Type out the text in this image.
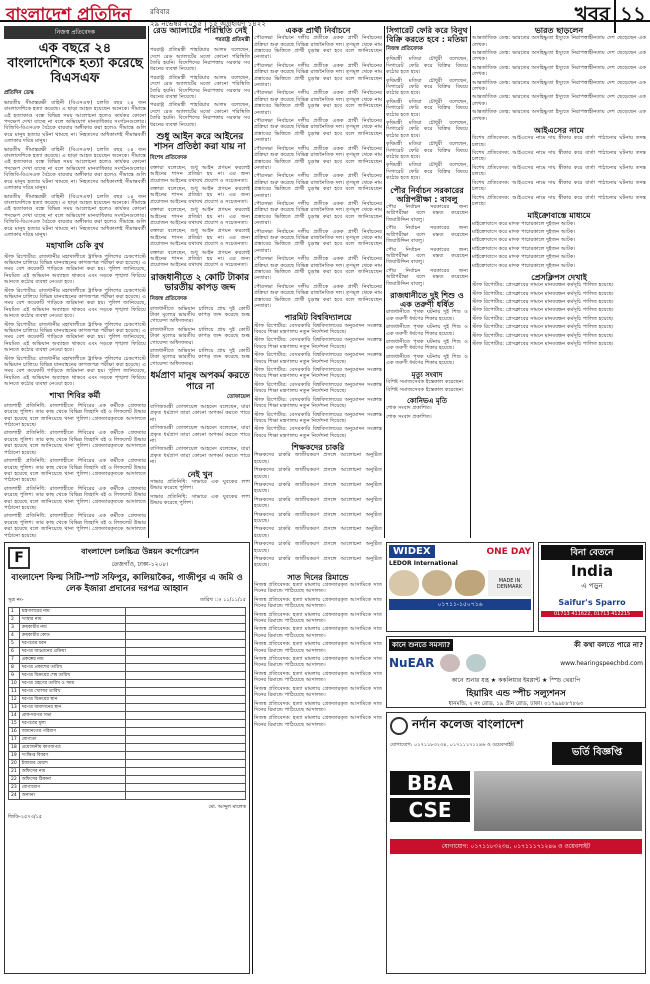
বাংলাদেশ প্রতিদিন	রবিবার
২৯ নভেম্বর ২০১৫ | ১৫ অগ্রহায়ণ ১৪২২	খবর ১১
নিজস্ব প্রতিবেদক
এক বছরে ২৪ বাংলাদেশিকে হত্যা করেছে বিএসএফ
প্রতিদিন ডেস্ক

ভারতীয় সীমান্তরক্ষী বাহিনী (বিএসএফ) চলতি বছর ২৪ জন বাংলাদেশিকে হত্যা করেছে। এ ছাড়া আহত হয়েছেন অনেকে। সীমান্তে এই হত্যাকাণ্ড বন্ধে বিভিন্ন সময় আলোচনা হলেও কার্যকর কোনো পদক্ষেপ দেখা যাচ্ছে না বলে অভিযোগ মানবাধিকার সংগঠনগুলোর। বিজিবি-বিএসএফ বৈঠকে বারবার অঙ্গীকার করা হলেও সীমান্তে গুলি করে মানুষ হত্যার ঘটনা থামছে না। নিহতদের অধিকাংশই সীমান্তবর্তী এলাকার দরিদ্র মানুষ।

ভারতীয় সীমান্তরক্ষী বাহিনী (বিএসএফ) চলতি বছর ২৪ জন বাংলাদেশিকে হত্যা করেছে। এ ছাড়া আহত হয়েছেন অনেকে। সীমান্তে এই হত্যাকাণ্ড বন্ধে বিভিন্ন সময় আলোচনা হলেও কার্যকর কোনো পদক্ষেপ দেখা যাচ্ছে না বলে অভিযোগ মানবাধিকার সংগঠনগুলোর। বিজিবি-বিএসএফ বৈঠকে বারবার অঙ্গীকার করা হলেও সীমান্তে গুলি করে মানুষ হত্যার ঘটনা থামছে না। নিহতদের অধিকাংশই সীমান্তবর্তী এলাকার দরিদ্র মানুষ।

ভারতীয় সীমান্তরক্ষী বাহিনী (বিএসএফ) চলতি বছর ২৪ জন বাংলাদেশিকে হত্যা করেছে। এ ছাড়া আহত হয়েছেন অনেকে। সীমান্তে এই হত্যাকাণ্ড বন্ধে বিভিন্ন সময় আলোচনা হলেও কার্যকর কোনো পদক্ষেপ দেখা যাচ্ছে না বলে অভিযোগ মানবাধিকার সংগঠনগুলোর। বিজিবি-বিএসএফ বৈঠকে বারবার অঙ্গীকার করা হলেও সীমান্তে গুলি করে মানুষ হত্যার ঘটনা থামছে না। নিহতদের অধিকাংশই সীমান্তবর্তী এলাকার দরিদ্র মানুষ।

মহাখালি চেকি বুথ

স্টাফ রিপোর্টার: রাজধানীর মহাখালীতে ট্রাফিক পুলিশের চেকপোস্টে অভিযান চালিয়ে বিভিন্ন যানবাহনের কাগজপত্র পরীক্ষা করা হয়েছে। এ সময় বেশ কয়েকটি গাড়িকে জরিমানা করা হয়। পুলিশ জানিয়েছে, নিয়মিত এই অভিযান অব্যাহত থাকবে এবং সড়কে শৃঙ্খলা ফিরিয়ে আনতে কঠোর ব্যবস্থা নেওয়া হবে।

স্টাফ রিপোর্টার: রাজধানীর মহাখালীতে ট্রাফিক পুলিশের চেকপোস্টে অভিযান চালিয়ে বিভিন্ন যানবাহনের কাগজপত্র পরীক্ষা করা হয়েছে। এ সময় বেশ কয়েকটি গাড়িকে জরিমানা করা হয়। পুলিশ জানিয়েছে, নিয়মিত এই অভিযান অব্যাহত থাকবে এবং সড়কে শৃঙ্খলা ফিরিয়ে আনতে কঠোর ব্যবস্থা নেওয়া হবে।

স্টাফ রিপোর্টার: রাজধানীর মহাখালীতে ট্রাফিক পুলিশের চেকপোস্টে অভিযান চালিয়ে বিভিন্ন যানবাহনের কাগজপত্র পরীক্ষা করা হয়েছে। এ সময় বেশ কয়েকটি গাড়িকে জরিমানা করা হয়। পুলিশ জানিয়েছে, নিয়মিত এই অভিযান অব্যাহত থাকবে এবং সড়কে শৃঙ্খলা ফিরিয়ে আনতে কঠোর ব্যবস্থা নেওয়া হবে।

স্টাফ রিপোর্টার: রাজধানীর মহাখালীতে ট্রাফিক পুলিশের চেকপোস্টে অভিযান চালিয়ে বিভিন্ন যানবাহনের কাগজপত্র পরীক্ষা করা হয়েছে। এ সময় বেশ কয়েকটি গাড়িকে জরিমানা করা হয়। পুলিশ জানিয়েছে, নিয়মিত এই অভিযান অব্যাহত থাকবে এবং সড়কে শৃঙ্খলা ফিরিয়ে আনতে কঠোর ব্যবস্থা নেওয়া হবে।

শাখা শিবির কর্মী

রাজশাহী প্রতিনিধি: রাজশাহীতে শিবিরের এক কর্মীকে গ্রেফতার করেছে পুলিশ। তার কাছ থেকে বিভিন্ন জিহাদি বই ও লিফলেট উদ্ধার করা হয়েছে বলে জানিয়েছে থানা পুলিশ। গ্রেফতারকৃতকে আদালতে পাঠানো হয়েছে।

রাজশাহী প্রতিনিধি: রাজশাহীতে শিবিরের এক কর্মীকে গ্রেফতার করেছে পুলিশ। তার কাছ থেকে বিভিন্ন জিহাদি বই ও লিফলেট উদ্ধার করা হয়েছে বলে জানিয়েছে থানা পুলিশ। গ্রেফতারকৃতকে আদালতে পাঠানো হয়েছে।

রাজশাহী প্রতিনিধি: রাজশাহীতে শিবিরের এক কর্মীকে গ্রেফতার করেছে পুলিশ। তার কাছ থেকে বিভিন্ন জিহাদি বই ও লিফলেট উদ্ধার করা হয়েছে বলে জানিয়েছে থানা পুলিশ। গ্রেফতারকৃতকে আদালতে পাঠানো হয়েছে।

রাজশাহী প্রতিনিধি: রাজশাহীতে শিবিরের এক কর্মীকে গ্রেফতার করেছে পুলিশ। তার কাছ থেকে বিভিন্ন জিহাদি বই ও লিফলেট উদ্ধার করা হয়েছে বলে জানিয়েছে থানা পুলিশ। গ্রেফতারকৃতকে আদালতে পাঠানো হয়েছে।

রাজশাহী প্রতিনিধি: রাজশাহীতে শিবিরের এক কর্মীকে গ্রেফতার করেছে পুলিশ। তার কাছ থেকে বিভিন্ন জিহাদি বই ও লিফলেট উদ্ধার করা হয়েছে বলে জানিয়েছে থানা পুলিশ। গ্রেফতারকৃতকে আদালতে পাঠানো হয়েছে।

রেড অ্যালার্টের পরিস্থিতি নেই
পররাষ্ট্র প্রতিমন্ত্রী

পররাষ্ট্র প্রতিমন্ত্রী শাহরিয়ার আলম বলেছেন, দেশে রেড অ্যালার্টের মতো কোনো পরিস্থিতি তৈরি হয়নি। বিদেশিদের নিরাপত্তায় সরকার সব ধরনের ব্যবস্থা নিয়েছে।

পররাষ্ট্র প্রতিমন্ত্রী শাহরিয়ার আলম বলেছেন, দেশে রেড অ্যালার্টের মতো কোনো পরিস্থিতি তৈরি হয়নি। বিদেশিদের নিরাপত্তায় সরকার সব ধরনের ব্যবস্থা নিয়েছে।

পররাষ্ট্র প্রতিমন্ত্রী শাহরিয়ার আলম বলেছেন, দেশে রেড অ্যালার্টের মতো কোনো পরিস্থিতি তৈরি হয়নি। বিদেশিদের নিরাপত্তায় সরকার সব ধরনের ব্যবস্থা নিয়েছে।

শুধু আইন করে আইনের শাসন প্রতিষ্ঠা করা যায় না
বিশেষ প্রতিবেদক

বক্তারা বলেছেন, শুধু আইন প্রণয়ন করলেই আইনের শাসন প্রতিষ্ঠা হয় না। এর জন্য প্রয়োজন আইনের যথাযথ প্রয়োগ ও সচেতনতা।

বক্তারা বলেছেন, শুধু আইন প্রণয়ন করলেই আইনের শাসন প্রতিষ্ঠা হয় না। এর জন্য প্রয়োজন আইনের যথাযথ প্রয়োগ ও সচেতনতা।

বক্তারা বলেছেন, শুধু আইন প্রণয়ন করলেই আইনের শাসন প্রতিষ্ঠা হয় না। এর জন্য প্রয়োজন আইনের যথাযথ প্রয়োগ ও সচেতনতা।

বক্তারা বলেছেন, শুধু আইন প্রণয়ন করলেই আইনের শাসন প্রতিষ্ঠা হয় না। এর জন্য প্রয়োজন আইনের যথাযথ প্রয়োগ ও সচেতনতা।

বক্তারা বলেছেন, শুধু আইন প্রণয়ন করলেই আইনের শাসন প্রতিষ্ঠা হয় না। এর জন্য প্রয়োজন আইনের যথাযথ প্রয়োগ ও সচেতনতা।

রাজধানীতে ২ কোটি টাকার ভারতীয় কাপড় জব্দ
নিজস্ব প্রতিবেদক

রাজধানীতে অভিযান চালিয়ে প্রায় দুই কোটি টাকা মূল্যের ভারতীয় কাপড় জব্দ করেছে শুল্ক গোয়েন্দা অধিদফতর।

রাজধানীতে অভিযান চালিয়ে প্রায় দুই কোটি টাকা মূল্যের ভারতীয় কাপড় জব্দ করেছে শুল্ক গোয়েন্দা অধিদফতর।

রাজধানীতে অভিযান চালিয়ে প্রায় দুই কোটি টাকা মূল্যের ভারতীয় কাপড় জব্দ করেছে শুল্ক গোয়েন্দা অধিদফতর।

ধর্মপ্রাণ মানুষ অপকর্ম করতে পারে না
তোফায়েল

বাণিজ্যমন্ত্রী তোফায়েল আহমেদ বলেছেন, যারা প্রকৃত ধর্মপ্রাণ তারা কোনো অপকর্ম করতে পারে না।

বাণিজ্যমন্ত্রী তোফায়েল আহমেদ বলেছেন, যারা প্রকৃত ধর্মপ্রাণ তারা কোনো অপকর্ম করতে পারে না।

বাণিজ্যমন্ত্রী তোফায়েল আহমেদ বলেছেন, যারা প্রকৃত ধর্মপ্রাণ তারা কোনো অপকর্ম করতে পারে না।

নেই খুন

সাভার প্রতিনিধি: সাভারে এক যুবকের লাশ উদ্ধার করেছে পুলিশ।

সাভার প্রতিনিধি: সাভারে এক যুবকের লাশ উদ্ধার করেছে পুলিশ।

একক প্রার্থী নির্বাচনে

পৌরসভা নির্বাচনে দলীয় প্রতীকে একক প্রার্থী নির্বাচনের প্রক্রিয়া শুরু করেছে বিভিন্ন রাজনৈতিক দল। তৃণমূল থেকে নাম প্রস্তাবের ভিত্তিতে প্রার্থী চূড়ান্ত করা হবে বলে জানিয়েছেন নেতারা।

পৌরসভা নির্বাচনে দলীয় প্রতীকে একক প্রার্থী নির্বাচনের প্রক্রিয়া শুরু করেছে বিভিন্ন রাজনৈতিক দল। তৃণমূল থেকে নাম প্রস্তাবের ভিত্তিতে প্রার্থী চূড়ান্ত করা হবে বলে জানিয়েছেন নেতারা।

পৌরসভা নির্বাচনে দলীয় প্রতীকে একক প্রার্থী নির্বাচনের প্রক্রিয়া শুরু করেছে বিভিন্ন রাজনৈতিক দল। তৃণমূল থেকে নাম প্রস্তাবের ভিত্তিতে প্রার্থী চূড়ান্ত করা হবে বলে জানিয়েছেন নেতারা।

পৌরসভা নির্বাচনে দলীয় প্রতীকে একক প্রার্থী নির্বাচনের প্রক্রিয়া শুরু করেছে বিভিন্ন রাজনৈতিক দল। তৃণমূল থেকে নাম প্রস্তাবের ভিত্তিতে প্রার্থী চূড়ান্ত করা হবে বলে জানিয়েছেন নেতারা।

পৌরসভা নির্বাচনে দলীয় প্রতীকে একক প্রার্থী নির্বাচনের প্রক্রিয়া শুরু করেছে বিভিন্ন রাজনৈতিক দল। তৃণমূল থেকে নাম প্রস্তাবের ভিত্তিতে প্রার্থী চূড়ান্ত করা হবে বলে জানিয়েছেন নেতারা।

পৌরসভা নির্বাচনে দলীয় প্রতীকে একক প্রার্থী নির্বাচনের প্রক্রিয়া শুরু করেছে বিভিন্ন রাজনৈতিক দল। তৃণমূল থেকে নাম প্রস্তাবের ভিত্তিতে প্রার্থী চূড়ান্ত করা হবে বলে জানিয়েছেন নেতারা।

পৌরসভা নির্বাচনে দলীয় প্রতীকে একক প্রার্থী নির্বাচনের প্রক্রিয়া শুরু করেছে বিভিন্ন রাজনৈতিক দল। তৃণমূল থেকে নাম প্রস্তাবের ভিত্তিতে প্রার্থী চূড়ান্ত করা হবে বলে জানিয়েছেন নেতারা।

পৌরসভা নির্বাচনে দলীয় প্রতীকে একক প্রার্থী নির্বাচনের প্রক্রিয়া শুরু করেছে বিভিন্ন রাজনৈতিক দল। তৃণমূল থেকে নাম প্রস্তাবের ভিত্তিতে প্রার্থী চূড়ান্ত করা হবে বলে জানিয়েছেন নেতারা।

পৌরসভা নির্বাচনে দলীয় প্রতীকে একক প্রার্থী নির্বাচনের প্রক্রিয়া শুরু করেছে বিভিন্ন রাজনৈতিক দল। তৃণমূল থেকে নাম প্রস্তাবের ভিত্তিতে প্রার্থী চূড়ান্ত করা হবে বলে জানিয়েছেন নেতারা।

পৌরসভা নির্বাচনে দলীয় প্রতীকে একক প্রার্থী নির্বাচনের প্রক্রিয়া শুরু করেছে বিভিন্ন রাজনৈতিক দল। তৃণমূল থেকে নাম প্রস্তাবের ভিত্তিতে প্রার্থী চূড়ান্ত করা হবে বলে জানিয়েছেন নেতারা।

পারমিট বিশ্ববিদ্যালয়ে

স্টাফ রিপোর্টার: বেসরকারি বিশ্ববিদ্যালয়ের অনুমোদন সংক্রান্ত বিষয়ে শিক্ষা মন্ত্রণালয় নতুন নির্দেশনা দিয়েছে।

স্টাফ রিপোর্টার: বেসরকারি বিশ্ববিদ্যালয়ের অনুমোদন সংক্রান্ত বিষয়ে শিক্ষা মন্ত্রণালয় নতুন নির্দেশনা দিয়েছে।

স্টাফ রিপোর্টার: বেসরকারি বিশ্ববিদ্যালয়ের অনুমোদন সংক্রান্ত বিষয়ে শিক্ষা মন্ত্রণালয় নতুন নির্দেশনা দিয়েছে।

স্টাফ রিপোর্টার: বেসরকারি বিশ্ববিদ্যালয়ের অনুমোদন সংক্রান্ত বিষয়ে শিক্ষা মন্ত্রণালয় নতুন নির্দেশনা দিয়েছে।

স্টাফ রিপোর্টার: বেসরকারি বিশ্ববিদ্যালয়ের অনুমোদন সংক্রান্ত বিষয়ে শিক্ষা মন্ত্রণালয় নতুন নির্দেশনা দিয়েছে।

স্টাফ রিপোর্টার: বেসরকারি বিশ্ববিদ্যালয়ের অনুমোদন সংক্রান্ত বিষয়ে শিক্ষা মন্ত্রণালয় নতুন নির্দেশনা দিয়েছে।

স্টাফ রিপোর্টার: বেসরকারি বিশ্ববিদ্যালয়ের অনুমোদন সংক্রান্ত বিষয়ে শিক্ষা মন্ত্রণালয় নতুন নির্দেশনা দিয়েছে।

স্টাফ রিপোর্টার: বেসরকারি বিশ্ববিদ্যালয়ের অনুমোদন সংক্রান্ত বিষয়ে শিক্ষা মন্ত্রণালয় নতুন নির্দেশনা দিয়েছে।

শিক্ষকদের চাকরি

শিক্ষকদের চাকরি জাতীয়করণ প্রসঙ্গে আলোচনা অনুষ্ঠিত হয়েছে।

শিক্ষকদের চাকরি জাতীয়করণ প্রসঙ্গে আলোচনা অনুষ্ঠিত হয়েছে।

শিক্ষকদের চাকরি জাতীয়করণ প্রসঙ্গে আলোচনা অনুষ্ঠিত হয়েছে।

শিক্ষকদের চাকরি জাতীয়করণ প্রসঙ্গে আলোচনা অনুষ্ঠিত হয়েছে।

শিক্ষকদের চাকরি জাতীয়করণ প্রসঙ্গে আলোচনা অনুষ্ঠিত হয়েছে।

শিক্ষকদের চাকরি জাতীয়করণ প্রসঙ্গে আলোচনা অনুষ্ঠিত হয়েছে।

শিক্ষকদের চাকরি জাতীয়করণ প্রসঙ্গে আলোচনা অনুষ্ঠিত হয়েছে।

শিক্ষকদের চাকরি জাতীয়করণ প্রসঙ্গে আলোচনা অনুষ্ঠিত হয়েছে।

সাত দিনের রিমান্ডে

নিজস্ব প্রতিবেদক: হত্যা মামলায় গ্রেফতারকৃত আসামিকে সাত দিনের রিমান্ডে পাঠিয়েছে আদালত।

নিজস্ব প্রতিবেদক: হত্যা মামলায় গ্রেফতারকৃত আসামিকে সাত দিনের রিমান্ডে পাঠিয়েছে আদালত।

নিজস্ব প্রতিবেদক: হত্যা মামলায় গ্রেফতারকৃত আসামিকে সাত দিনের রিমান্ডে পাঠিয়েছে আদালত।

নিজস্ব প্রতিবেদক: হত্যা মামলায় গ্রেফতারকৃত আসামিকে সাত দিনের রিমান্ডে পাঠিয়েছে আদালত।

নিজস্ব প্রতিবেদক: হত্যা মামলায় গ্রেফতারকৃত আসামিকে সাত দিনের রিমান্ডে পাঠিয়েছে আদালত।

নিজস্ব প্রতিবেদক: হত্যা মামলায় গ্রেফতারকৃত আসামিকে সাত দিনের রিমান্ডে পাঠিয়েছে আদালত।

নিজস্ব প্রতিবেদক: হত্যা মামলায় গ্রেফতারকৃত আসামিকে সাত দিনের রিমান্ডে পাঠিয়েছে আদালত।

নিজস্ব প্রতিবেদক: হত্যা মামলায় গ্রেফতারকৃত আসামিকে সাত দিনের রিমান্ডে পাঠিয়েছে আদালত।

নিজস্ব প্রতিবেদক: হত্যা মামলায় গ্রেফতারকৃত আসামিকে সাত দিনের রিমান্ডে পাঠিয়েছে আদালত।

নিজস্ব প্রতিবেদক: হত্যা মামলায় গ্রেফতারকৃত আসামিকে সাত দিনের রিমান্ডে পাঠিয়েছে আদালত।

সিগারেট ফেরি করে বিনুথ বিক্রি করতে হবে : মতিয়া
নিজস্ব প্রতিবেদক

কৃষিমন্ত্রী মতিয়া চৌধুরী বলেছেন, সিগারেট ফেরি করে বিক্রির বিষয়ে কঠোর হতে হবে।

কৃষিমন্ত্রী মতিয়া চৌধুরী বলেছেন, সিগারেট ফেরি করে বিক্রির বিষয়ে কঠোর হতে হবে।

কৃষিমন্ত্রী মতিয়া চৌধুরী বলেছেন, সিগারেট ফেরি করে বিক্রির বিষয়ে কঠোর হতে হবে।

কৃষিমন্ত্রী মতিয়া চৌধুরী বলেছেন, সিগারেট ফেরি করে বিক্রির বিষয়ে কঠোর হতে হবে।

কৃষিমন্ত্রী মতিয়া চৌধুরী বলেছেন, সিগারেট ফেরি করে বিক্রির বিষয়ে কঠোর হতে হবে।

কৃষিমন্ত্রী মতিয়া চৌধুরী বলেছেন, সিগারেট ফেরি করে বিক্রির বিষয়ে কঠোর হতে হবে।

পৌর নির্বাচন সরকারের অগ্নিপরীক্ষা : বাবলু

পৌর নির্বাচন সরকারের জন্য অগ্নিপরীক্ষা বলে মন্তব্য করেছেন জিয়াউদ্দিন বাবলু।

পৌর নির্বাচন সরকারের জন্য অগ্নিপরীক্ষা বলে মন্তব্য করেছেন জিয়াউদ্দিন বাবলু।

পৌর নির্বাচন সরকারের জন্য অগ্নিপরীক্ষা বলে মন্তব্য করেছেন জিয়াউদ্দিন বাবলু।

পৌর নির্বাচন সরকারের জন্য অগ্নিপরীক্ষা বলে মন্তব্য করেছেন জিয়াউদ্দিন বাবলু।

রাজধানীতে দুই শিশু ও এক তরুণী ধর্ষিত

রাজধানীতে পৃথক ঘটনায় দুই শিশু ও এক তরুণী ধর্ষণের শিকার হয়েছে।

রাজধানীতে পৃথক ঘটনায় দুই শিশু ও এক তরুণী ধর্ষণের শিকার হয়েছে।

রাজধানীতে পৃথক ঘটনায় দুই শিশু ও এক তরুণী ধর্ষণের শিকার হয়েছে।

রাজধানীতে পৃথক ঘটনায় দুই শিশু ও এক তরুণী ধর্ষণের শিকার হয়েছে।

মৃত্যু সংবাদ

বিশিষ্ট সমাজসেবক ইন্তেকাল করেছেন।

বিশিষ্ট সমাজসেবক ইন্তেকাল করেছেন।

কোনিভএ মৃতি

শোক সংবাদ প্রকাশিত।

শোক সংবাদ প্রকাশিত।

ভারত ছাড়লেন

আন্তর্জাতিক ডেস্ক: ভারতের অসহিষ্ণুতা ইস্যুতে নিরাপত্তাহীনতায় দেশ ছেড়েছেন এক লেখক।

আন্তর্জাতিক ডেস্ক: ভারতের অসহিষ্ণুতা ইস্যুতে নিরাপত্তাহীনতায় দেশ ছেড়েছেন এক লেখক।

আন্তর্জাতিক ডেস্ক: ভারতের অসহিষ্ণুতা ইস্যুতে নিরাপত্তাহীনতায় দেশ ছেড়েছেন এক লেখক।

আন্তর্জাতিক ডেস্ক: ভারতের অসহিষ্ণুতা ইস্যুতে নিরাপত্তাহীনতায় দেশ ছেড়েছেন এক লেখক।

আন্তর্জাতিক ডেস্ক: ভারতের অসহিষ্ণুতা ইস্যুতে নিরাপত্তাহীনতায় দেশ ছেড়েছেন এক লেখক।

আন্তর্জাতিক ডেস্ক: ভারতের অসহিষ্ণুতা ইস্যুতে নিরাপত্তাহীনতায় দেশ ছেড়েছেন এক লেখক।

আইএসের নামে

বিশেষ প্রতিবেদক: আইএসের নামে দায় স্বীকার করে বার্তা পাঠানোর ঘটনায় তদন্ত চলছে।

বিশেষ প্রতিবেদক: আইএসের নামে দায় স্বীকার করে বার্তা পাঠানোর ঘটনায় তদন্ত চলছে।

বিশেষ প্রতিবেদক: আইএসের নামে দায় স্বীকার করে বার্তা পাঠানোর ঘটনায় তদন্ত চলছে।

বিশেষ প্রতিবেদক: আইএসের নামে দায় স্বীকার করে বার্তা পাঠানোর ঘটনায় তদন্ত চলছে।

বিশেষ প্রতিবেদক: আইএসের নামে দায় স্বীকার করে বার্তা পাঠানোর ঘটনায় তদন্ত চলছে।

মাইক্রোবাস্তে মাধ্যমে

মাইক্রোবাসে করে মাদক পাচারকালে দুইজন আটক।

মাইক্রোবাসে করে মাদক পাচারকালে দুইজন আটক।

মাইক্রোবাসে করে মাদক পাচারকালে দুইজন আটক।

মাইক্রোবাসে করে মাদক পাচারকালে দুইজন আটক।

মাইক্রোবাসে করে মাদক পাচারকালে দুইজন আটক।

মাইক্রোবাসে করে মাদক পাচারকালে দুইজন আটক।

প্রেসক্লিপস দেখাই

স্টাফ রিপোর্টার: প্রেসক্লাবের সামনে মানববন্ধন কর্মসূচি পালিত হয়েছে।

স্টাফ রিপোর্টার: প্রেসক্লাবের সামনে মানববন্ধন কর্মসূচি পালিত হয়েছে।

স্টাফ রিপোর্টার: প্রেসক্লাবের সামনে মানববন্ধন কর্মসূচি পালিত হয়েছে।

স্টাফ রিপোর্টার: প্রেসক্লাবের সামনে মানববন্ধন কর্মসূচি পালিত হয়েছে।

স্টাফ রিপোর্টার: প্রেসক্লাবের সামনে মানববন্ধন কর্মসূচি পালিত হয়েছে।

স্টাফ রিপোর্টার: প্রেসক্লাবের সামনে মানববন্ধন কর্মসূচি পালিত হয়েছে।

স্টাফ রিপোর্টার: প্রেসক্লাবের সামনে মানববন্ধন কর্মসূচি পালিত হয়েছে।

স্টাফ রিপোর্টার: প্রেসক্লাবের সামনে মানববন্ধন কর্মসূচি পালিত হয়েছে।

F	বাংলাদেশ চলচ্চিত্র উন্নয়ন কর্পোরেশন
তেজগাঁও, ঢাকা-১২০৮।
বাংলাদেশ ফিল্ম সিটি-স্পট সফিপুর, কালিয়াকৈর, গাজীপুর এ জমি ও লেক ইজারা প্রদানের দরপত্র আহ্বান
সূত্র নং-	তারিখ ঃ ১১/১১/১৫
1	মন্ত্রণালয়ের নাম	
2	সংস্থার নাম	
3	ক্রয়কারীর নাম	
4	ক্রয়কারীর কোড	
5	দরপত্রের ধরন	
6	দরপত্র আহ্বানের প্রক্রিয়া	
7	প্রকল্পের নাম	
8	দরপত্র প্রকাশের তারিখ	
9	দরপত্র বিক্রয়ের শেষ তারিখ	
10	দরপত্র গ্রহণের তারিখ ও সময়	
11	দরপত্র খোলার তারিখ	
12	দরপত্র বিক্রয়ের স্থান	
13	দরপত্র জমাদানের স্থান	
14	প্রাক-দরপত্র সভা	
15	দরপত্রের মূল্য	
16	জামানতের পরিমাণ	
17	যোগ্যতা	
18	প্রয়োজনীয় কাগজপত্র	
19	সংক্ষিপ্ত বিবরণ	
20	ইজারার মেয়াদ	
21	অফিসের নাম	
22	অফিসের ঠিকানা	
23	যোগাযোগ	
24	অন্যান্য	
মো. আব্দুল মালেক
জিডি-২৫৭৩/১৫
WIDEX	ONE DAY
LEDOR International
MADE IN DENMARK
০১৭১১-১৫০৭১৬
বিনা বেতনে
India
এ পড়ুন
Saifur's Sparro
01713 411622, 01713 412215
কানে শুনতে সমস্যা?	কী কথা বলতে পারে না?
NuEAR	www.hearingspeechbd.com
কানে শুনার যন্ত্র ★ ককলিয়ার ইমপ্লান্ট ★ স্পিচ থেরাপি
হিয়ারিং এন্ড স্পীচ সল্যুশনস
ধানমন্ডি, ২ নং রোড, ১৯ গ্রীন রোড, ঢাকা। ০১৭৯৯৮৮৭৮৬৩
নর্দান কলেজ বাংলাদেশ

যোগাযোগ: ০১৭১১৮৩২৩৪, ০১৭১১১৭১২৪৬ ও ওয়েবসাইট

ভর্তি বিজ্ঞপ্তি
BBA
CSE
যোগাযোগ: ০১৭১১৮৩২৩৪, ০১৭১১১৭১২৪৬ ও ওয়েবসাইট
